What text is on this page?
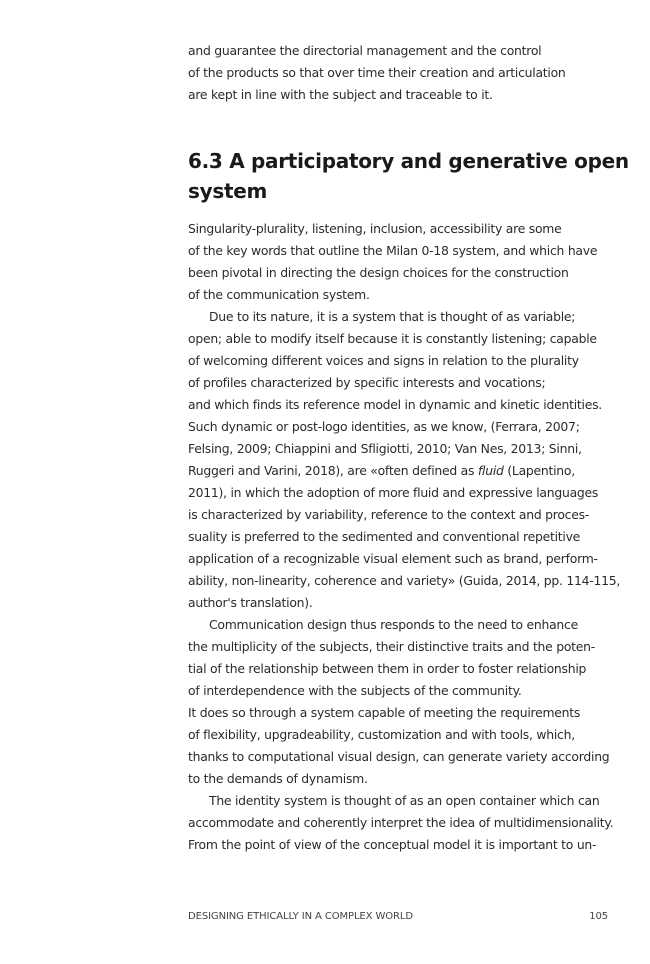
and guarantee the directorial management and the control
of the products so that over time their creation and articulation
are kept in line with the subject and traceable to it.
6.3 A participatory and generative open
system
Singularity-plurality, listening, inclusion, accessibility are some
of the key words that outline the Milan 0-18 system, and which have
been pivotal in directing the design choices for the construction
of the communication system.
Due to its nature, it is a system that is thought of as variable;
open; able to modify itself because it is constantly listening; capable
of welcoming different voices and signs in relation to the plurality
of profiles characterized by specific interests and vocations;
and which finds its reference model in dynamic and kinetic identities.
Such dynamic or post-logo identities, as we know, (Ferrara, 2007;
Felsing, 2009; Chiappini and Sfligiotti, 2010; Van Nes, 2013; Sinni,
Ruggeri and Varini, 2018), are «often defined as fluid (Lapentino,
2011), in which the adoption of more fluid and expressive languages
is characterized by variability, reference to the context and proces-
suality is preferred to the sedimented and conventional repetitive
application of a recognizable visual element such as brand, perform-
ability, non-linearity, coherence and variety» (Guida, 2014, pp. 114-115,
author's translation).
Communication design thus responds to the need to enhance
the multiplicity of the subjects, their distinctive traits and the poten-
tial of the relationship between them in order to foster relationship
of interdependence with the subjects of the community.
It does so through a system capable of meeting the requirements
of flexibility, upgradeability, customization and with tools, which,
thanks to computational visual design, can generate variety according
to the demands of dynamism.
The identity system is thought of as an open container which can
accommodate and coherently interpret the idea of multidimensionality.
From the point of view of the conceptual model it is important to un-
DESIGNING ETHICALLY IN A COMPLEX WORLD	105
